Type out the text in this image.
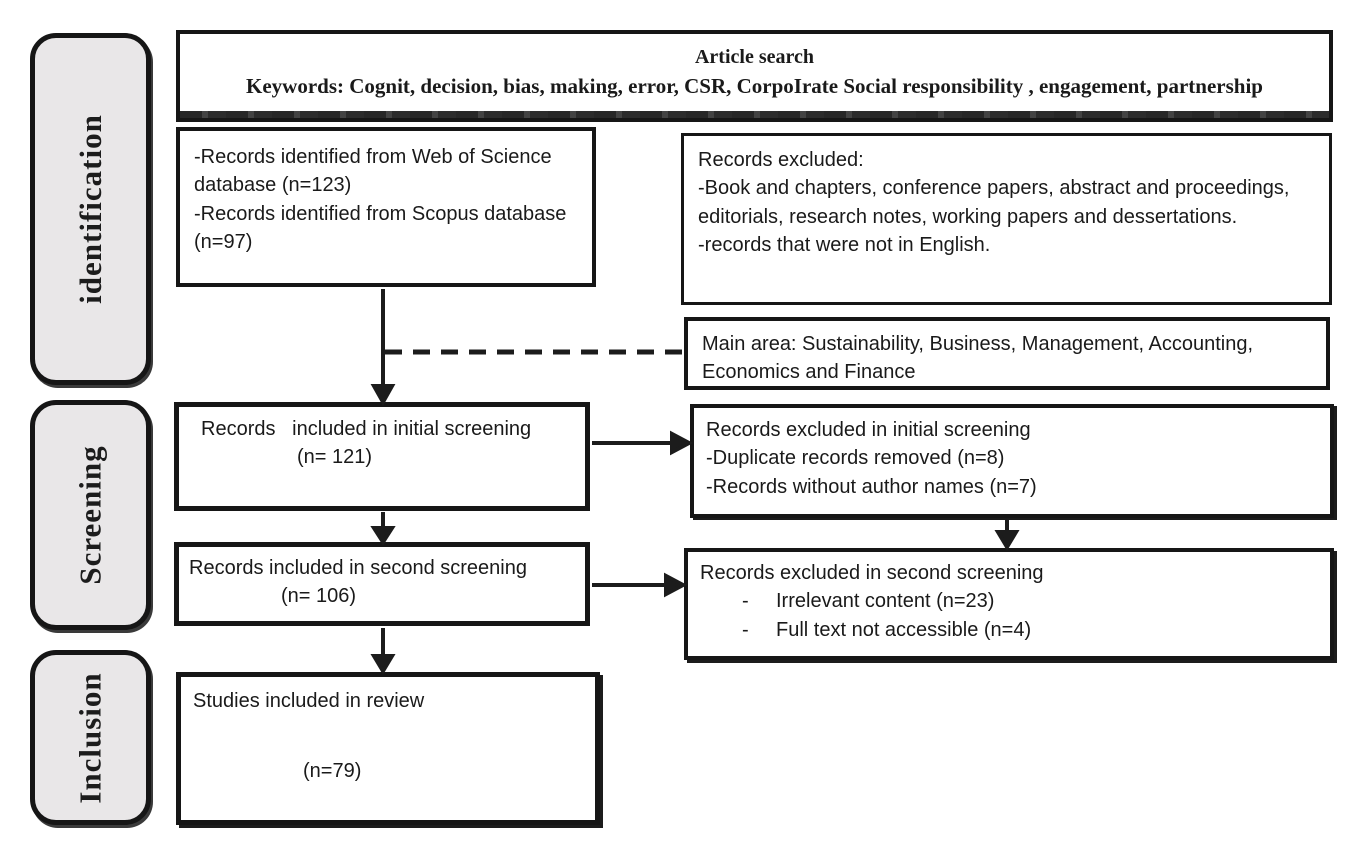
identification
Screening
Inclusion
Article search
Keywords: Cognit, decision, bias, making, error, CSR, CorpoIrate Social responsibility , engagement, partnership
-Records identified from Web of Science database (n=123)
-Records identified from Scopus database (n=97)
Records excluded:
-Book and chapters, conference papers, abstract and proceedings, editorials, research notes, working papers and dessertations.
-records that were not in English.
Main area: Sustainability, Business, Management, Accounting, Economics and Finance
Records   included in initial screening
(n= 121)
Records excluded in initial screening
-Duplicate records removed (n=8)
-Records without author names (n=7)
Records included in second screening
(n= 106)
Records excluded in second screening
-	Irrelevant content (n=23)
-	Full text not accessible (n=4)
Studies included in review
(n=79)
